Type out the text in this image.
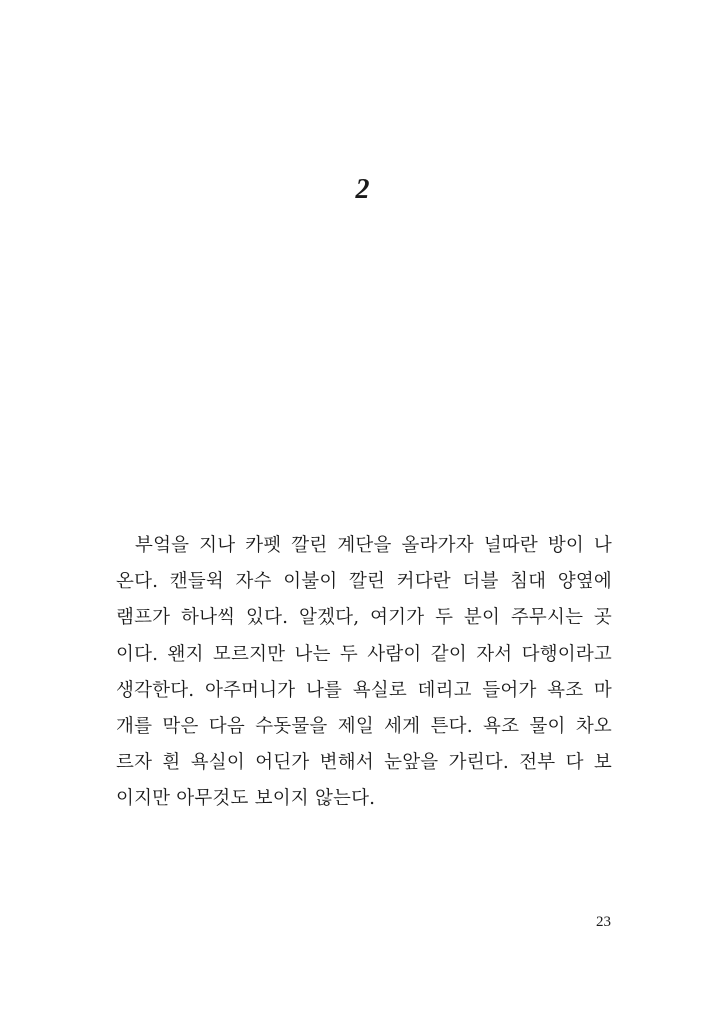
2
부엌을 지나 카펫 깔린 계단을 올라가자 널따란 방이 나
온다. 캔들윅 자수 이불이 깔린 커다란 더블 침대 양옆에
램프가 하나씩 있다. 알겠다, 여기가 두 분이 주무시는 곳
이다. 왠지 모르지만 나는 두 사람이 같이 자서 다행이라고
생각한다. 아주머니가 나를 욕실로 데리고 들어가 욕조 마
개를 막은 다음 수돗물을 제일 세게 튼다. 욕조 물이 차오
르자 흰 욕실이 어딘가 변해서 눈앞을 가린다. 전부 다 보
이지만 아무것도 보이지 않는다.
23
